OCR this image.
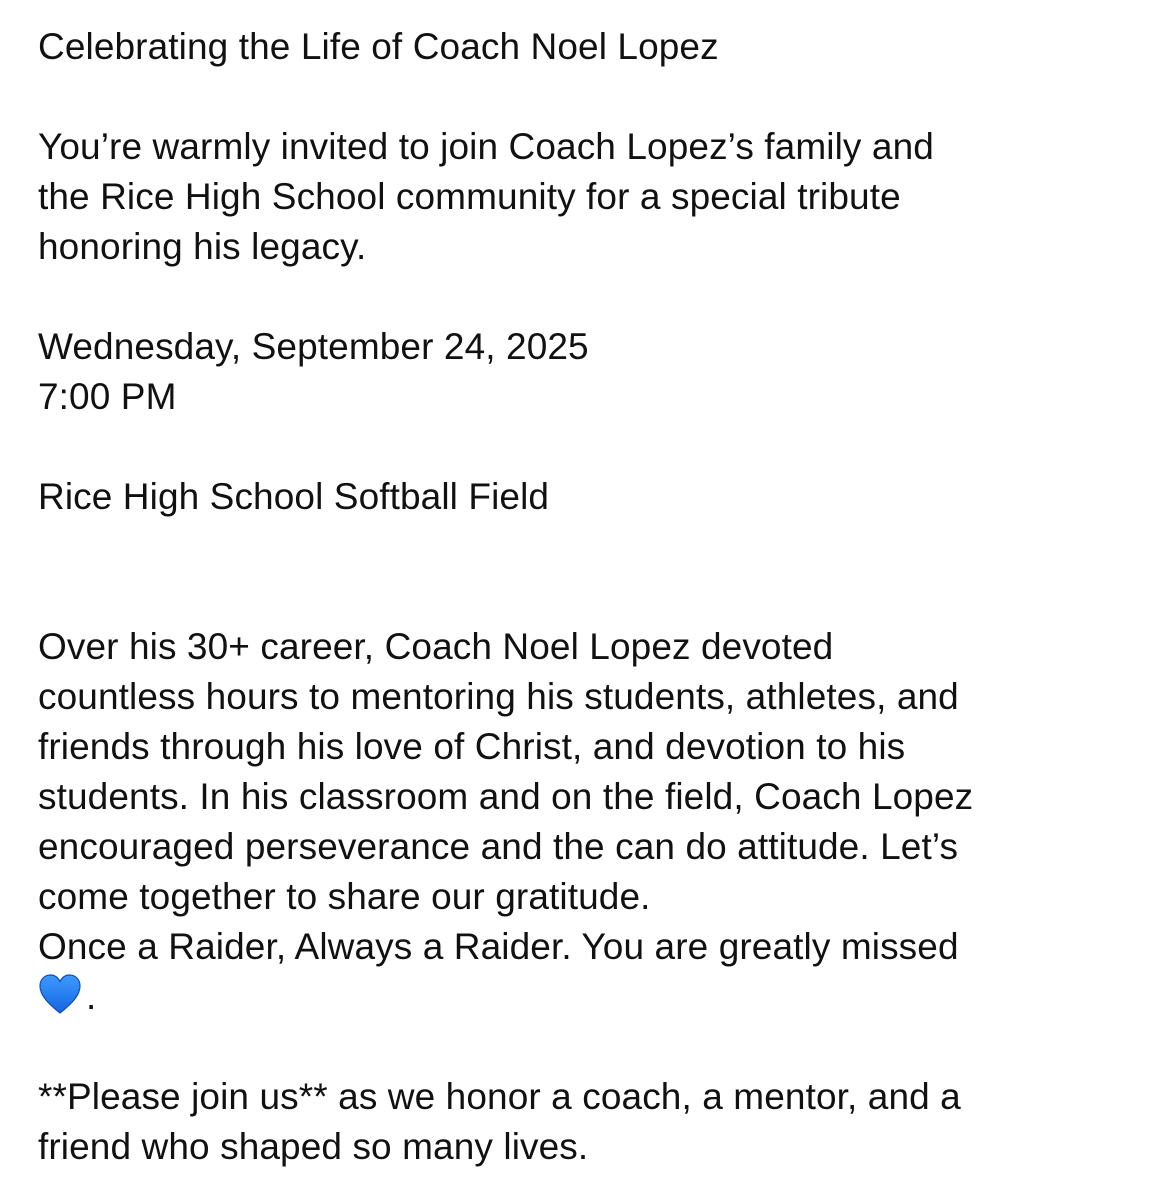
Celebrating the Life of Coach Noel Lopez
You’re warmly invited to join Coach Lopez’s family and
the Rice High School community for a special tribute
honoring his legacy.
Wednesday, September 24, 2025
7:00 PM
Rice High School Softball Field
Over his 30+ career, Coach Noel Lopez devoted
countless hours to mentoring his students, athletes, and
friends through his love of Christ, and devotion to his
students. In his classroom and on the field, Coach Lopez
encouraged perseverance and the can do attitude. Let’s
come together to share our gratitude.
Once a Raider, Always a Raider. You are greatly missed
.
**Please join us** as we honor a coach, a mentor, and a
friend who shaped so many lives.
